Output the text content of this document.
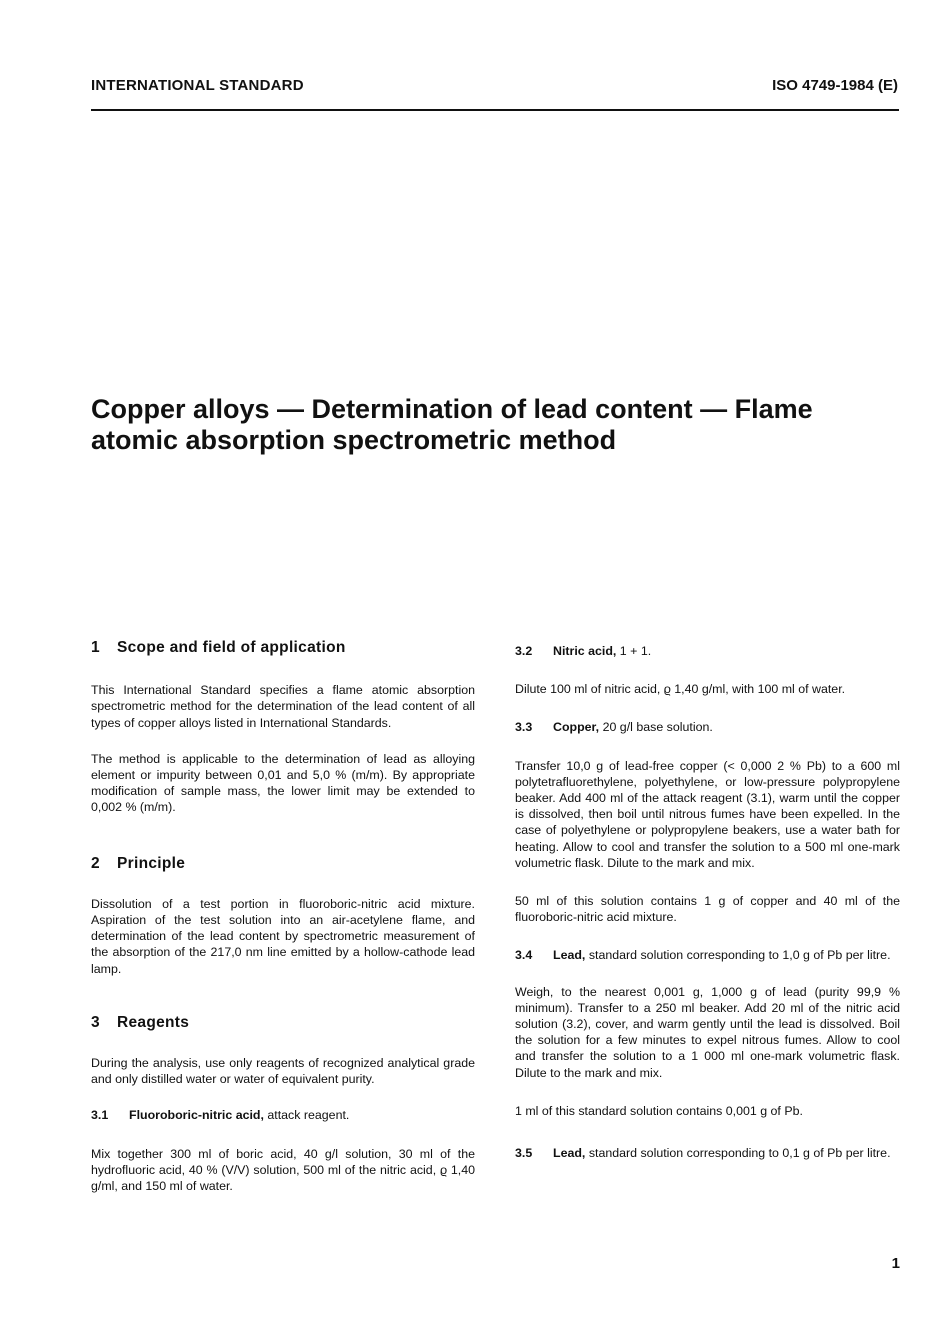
INTERNATIONAL STANDARD	ISO 4749-1984 (E)
Copper alloys — Determination of lead content — Flame
atomic absorption spectrometric method
1 Scope and field of application

This International Standard specifies a flame atomic absorption spectrometric method for the determination of the lead content of all types of copper alloys listed in International Standards.

The method is applicable to the determination of lead as alloying element or impurity between 0,01 and 5,0 % (m/m). By appropriate modification of sample mass, the lower limit may be extended to 0,002 % (m/m).

2 Principle

Dissolution of a test portion in fluoroboric-nitric acid mixture. Aspiration of the test solution into an air-acetylene flame, and determination of the lead content by spectrometric measurement of the absorption of the 217,0 nm line emitted by a hollow-cathode lead lamp.

3 Reagents

During the analysis, use only reagents of recognized analytical grade and only distilled water or water of equivalent purity.

3.1 Fluoroboric-nitric acid, attack reagent.

Mix together 300 ml of boric acid, 40 g/l solution, 30 ml of the hydrofluoric acid, 40 % (V/V) solution, 500 ml of the nitric acid, ϱ 1,40 g/ml, and 150 ml of water.

3.2 Nitric acid, 1 + 1.

Dilute 100 ml of nitric acid, ϱ 1,40 g/ml, with 100 ml of water.

3.3 Copper, 20 g/l base solution.

Transfer 10,0 g of lead-free copper (< 0,000 2 % Pb) to a 600 ml polytetrafluorethylene, polyethylene, or low-pressure polypropylene beaker. Add 400 ml of the attack reagent (3.1), warm until the copper is dissolved, then boil until nitrous fumes have been expelled. In the case of polyethylene or polypropylene beakers, use a water bath for heating. Allow to cool and transfer the solution to a 500 ml one-mark volumetric flask. Dilute to the mark and mix.

50 ml of this solution contains 1 g of copper and 40 ml of the fluoroboric-nitric acid mixture.

3.4 Lead, standard solution corresponding to 1,0 g of Pb per litre.

Weigh, to the nearest 0,001 g, 1,000 g of lead (purity 99,9 % minimum). Transfer to a 250 ml beaker. Add 20 ml of the nitric acid solution (3.2), cover, and warm gently until the lead is dissolved. Boil the solution for a few minutes to expel nitrous fumes. Allow to cool and transfer the solution to a 1 000 ml one-mark volumetric flask. Dilute to the mark and mix.

1 ml of this standard solution contains 0,001 g of Pb.

3.5 Lead, standard solution corresponding to 0,1 g of Pb per litre.

1
